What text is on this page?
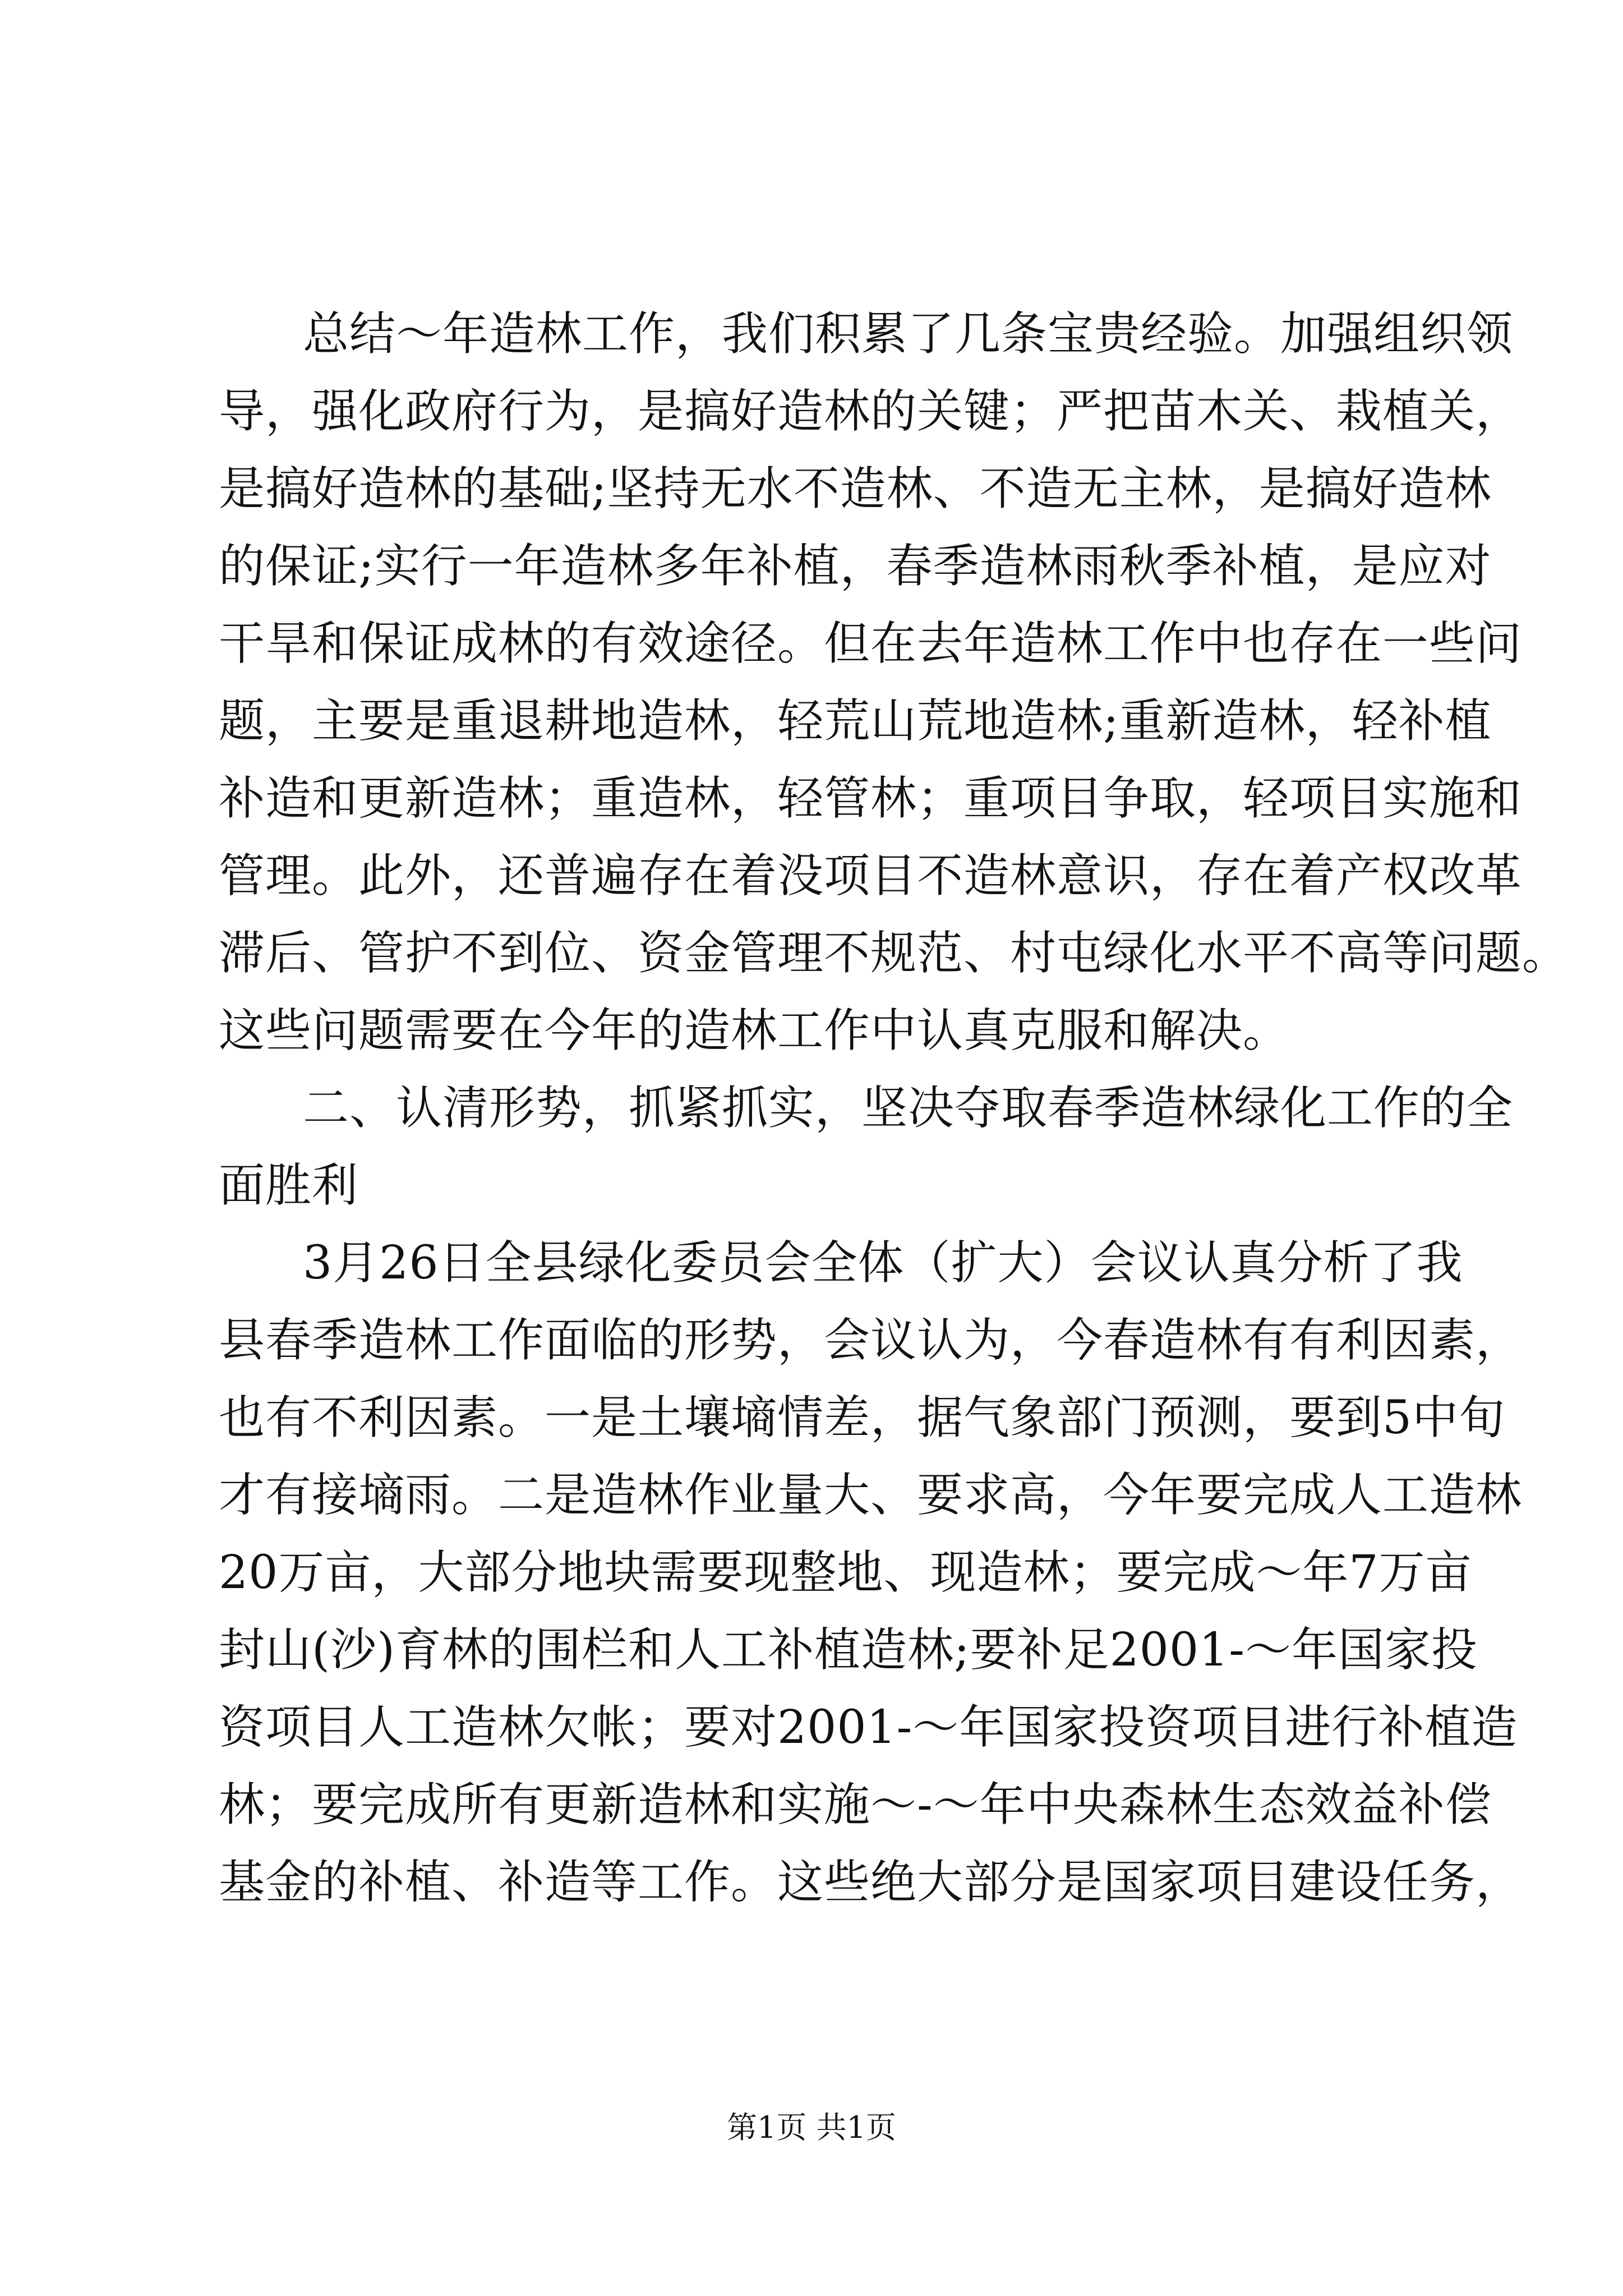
总结～年造林工作，我们积累了几条宝贵经验。加强组织领
导，强化政府行为，是搞好造林的关键；严把苗木关、栽植关，
是搞好造林的基础;坚持无水不造林、不造无主林，是搞好造林
的保证;实行一年造林多年补植，春季造林雨秋季补植，是应对
干旱和保证成林的有效途径。但在去年造林工作中也存在一些问
题，主要是重退耕地造林，轻荒山荒地造林;重新造林，轻补植
补造和更新造林；重造林，轻管林；重项目争取，轻项目实施和
管理。此外，还普遍存在着没项目不造林意识，存在着产权改革
滞后、管护不到位、资金管理不规范、村屯绿化水平不高等问题。
这些问题需要在今年的造林工作中认真克服和解决。
二、认清形势，抓紧抓实，坚决夺取春季造林绿化工作的全
面胜利
3月26日全县绿化委员会全体（扩大）会议认真分析了我
县春季造林工作面临的形势，会议认为，今春造林有有利因素，
也有不利因素。一是土壤墒情差，据气象部门预测，要到5中旬
才有接墒雨。二是造林作业量大、要求高，今年要完成人工造林
20万亩，大部分地块需要现整地、现造林；要完成～年7万亩
封山(沙)育林的围栏和人工补植造林;要补足2001-～年国家投
资项目人工造林欠帐；要对2001-～年国家投资项目进行补植造
林；要完成所有更新造林和实施～-～年中央森林生态效益补偿
基金的补植、补造等工作。这些绝大部分是国家项目建设任务，
第1页 共1页
